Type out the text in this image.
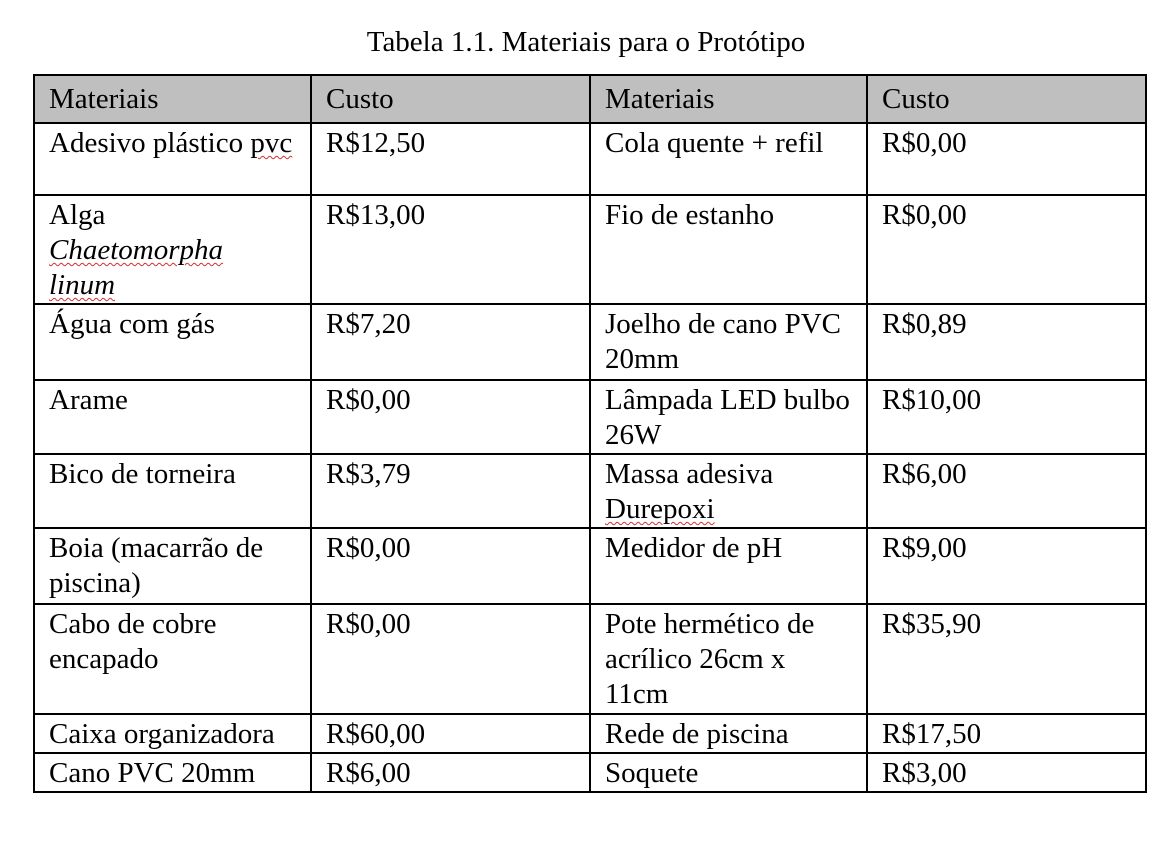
Tabela 1.1. Materiais para o Protótipo
Materiais	Custo	Materiais	Custo
Adesivo plástico pvc	R$12,50	Cola quente + refil	R$0,00
Alga
Chaetomorpha
linum	R$13,00	Fio de estanho	R$0,00
Água com gás	R$7,20	Joelho de cano PVC 20mm	R$0,89
Arame	R$0,00	Lâmpada LED bulbo 26W	R$10,00
Bico de torneira	R$3,79	Massa adesiva Durepoxi	R$6,00
Boia (macarrão de piscina)	R$0,00	Medidor de pH	R$9,00
Cabo de cobre encapado	R$0,00	Pote hermético de acrílico 26cm x 11cm	R$35,90
Caixa organizadora	R$60,00	Rede de piscina	R$17,50
Cano PVC 20mm	R$6,00	Soquete	R$3,00
